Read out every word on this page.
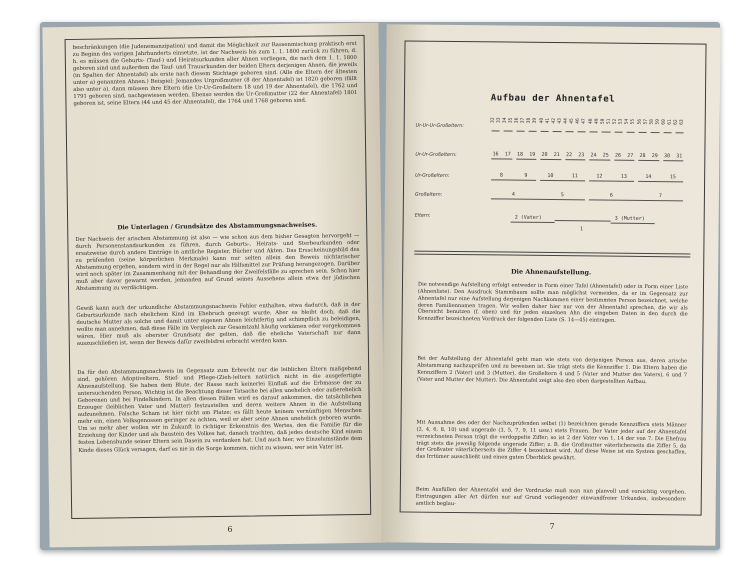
beschränkungen (die Judenemanzipation) und damit die Möglichkeit zur Rassenmischung praktisch erst zu Beginn des vorigen Jahrhunderts einsetzte, ist der Nachweis bis zum 1. 1. 1800 zurück zu führen, d. h. es müssen die Geburts- (Tauf-) und Heiratsurkunden aller Ahnen vorliegen, die nach dem 1. 1. 1800 geboren sind und außerdem die Tauf- und Trauurkunden der beiden Eltern derjenigen Ahnen, die jeweils (in Spalten der Ahnentafel) als erste nach diesem Stichtage geboren sind. (Alle die Eltern der ältesten unter a) genannten Ahnen.) Beispiel: Jemandes Urgroßmutter (8 der Ahnentafel) ist 1820 geboren (fällt also unter a), dann müssen ihre Eltern (die Ur-Ur-Großeltern 18 und 19 der Ahnentafel), die 1762 und 1791 geboren sind, nachgewiesen werden. Ebenso werden die Ur-Großmutter (22 der Ahnentafel) 1801 geboren ist, seine Eltern (44 und 45 der Ahnentafel), die 1764 und 1768 geboren sind.
Die Unterlagen / Grundsätze des Abstammungsnachweises.
Der Nachweis der arischen Abstammung ist also — wie schon aus dem bisher Gesagten hervorgeht — durch Personenstandsurkunden zu führen, durch Geburts-, Heirats- und Sterbeurkunden oder ersatzweise durch andere Einträge in amtliche Register, Bücher und Akten. Das Ersscheinungsbild des zu prüfenden (seine körperlichen Merkmale) kann nur selten allein den Beweis nichtarischer Abstammung ergeben, sondern wird in der Regel nur als Hilfsmittel zur Prüfung herangezogen. Darüber wird noch später im Zusammenhang mit der Behandlung der Zweifelsfälle zu sprechen sein. Schon hier muß aber davor gewarnt werden, jemanden auf Grund seines Aussehens allein etwa der jüdischen Abstammung zu verdächtigen.
Gewiß kann auch der urkundliche Abstammungsnachweis Fehler enthalten, etwa dadurch, daß in der Geburtsurkunde nach ehelichem Kind im Ehebruch gezeugt wurde. Aber es bleibt doch, daß die deutsche Mutter als solche und damit unter eigenen Ahnen leichtfertig und schimpflich zu beleidigen, wollte man annehmen, daß diese Fälle im Vergleich zur Gesamtzahl häufig vorkämen oder vorgekommen wären. Hier muß als oberster Grundsatz der gelten, daß die eheliche Vaterschaft nur dann auszuschließen ist, wenn der Beweis dafür zweifelsfrei erbracht werden kann.
Da für den Abstammungsnachweis im Gegensatz zum Erbrecht nur die leiblichen Eltern maßgebend sind, gehören Adoptiveltern, Stief- und Pflege-(Zieh-)eltern natürlich nicht in die ausgefertigte Ahnenaufstellung. Sie haben dem Blute, der Rasse nach keinerlei Einfluß auf die Erbmasse der zu untersuchenden Person. Wichtig ist die Beachtung dieser Tatsache bei allen unehelich oder außerehelich Geborenen und bei Findelkindern. In allen diesen Fällen wird es darauf ankommen, die tatsächlichen Erzeuger (leiblichen Vater und Mutter) festzustellen und deren weitere Ahnen in die Aufstellung aufzunehmen. Falsche Scham ist hier nicht am Platze; es fällt heute keinem vernünftigen Menschen mehr ein, einen Volksgenossen geringer zu achten, weil er aber seine Ahnen unehelich geboren wurde. Um so mehr aber wollen wir in Zukunft in richtiger Erkenntnis des Wertes, den die Familie für die Erziehung der Kinder und als Baustein des Volkes hat, danach trachten, daß jedes deutsche Kind einem festen Lebensbunde seiner Eltern sein Dasein zu verdanken hat. Und auch hier, wo Einzelumstände dem Kinde dieses Glück versagen, darf es nie in die Sorge kommen, nicht zu wissen, wer sein Vater ist.
6
Aufbau der Ahnentafel
Ur-Ur-Ur-Großeltern:
32 33 34 35 36 37 38 39 40 41 42 43 44 45 46 47 48 49 50 51 52 53 54 55 56 57 58 59 60 61 62 63
Ur-Ur-Großeltern:	16	17	18	19	20	21	22	23	24	25	26	27	28	29	30	31
Ur-Großeltern:	8	9	10	11	12	13	14	15
Großeltern:	4	5	6	7
Eltern:	2 (Vater)	3 (Mutter)
1
Die Ahnenaufstellung.
Die notwendige Aufstellung erfolgt entweder in Form einer Tafel (Ahnentafel) oder in Form einer Liste (Ahnenliste). Den Ausdruck Stammbaum sollte man möglichst vermeiden, da er im Gegensatz zur Ahnentafel nur eine Aufstellung derjenigen Nachkommen einer bestimmten Person bezeichnet, welche deren Familiennamen tragen. Wir wollen daher hier nur von der Ahnentafel sprechen, die wir als Übersicht benutzen (f. oben) und für jeden einzelnen Ahn die eingeben Daten in den durch die Kennziffer bezeichneten Vordruck der folgenden Liste (S. 14—45) eintragen.
Bei der Aufstellung der Ahnentafel geht man wie stets von derjenigen Person aus, deren arische Abstammung nachzuprüfen und zu beweisen ist. Sie trägt stets die Kennziffer 1. Die Eltern haben die Kennziffern 2 (Vater) und 3 (Mutter), die Großeltern 4 und 5 (Vater und Mutter des Vaters), 6 und 7 (Vater und Mutter der Mutter). Die Ahnentafel zeigt also den oben dargestellten Aufbau.
Mit Ausnahme des oder der Nachzuprüfenden selbst (1) bezeichnen gerade Kennziffern stets Männer (2, 4, 6, 8, 10) und ungerade (3, 5, 7, 9, 11 usw.) stets Frauen. Der Vater jeder auf der Ahnentafel verzeichneten Person trägt die verdoppelte Ziffer; so ist 2 der Vater von 1, 14 der von 7. Die Ehefrau trägt stets die jeweilig folgende ungerade Ziffer; z. B. die Großmutter väterlicherseits die Ziffer 5, da der Großvater väterlicherseits die Ziffer 4 bezeichnet wird. Auf diese Weise ist ein System geschaffen, das Irrtümer ausschließt und einen guten Überblick gewährt.
Beim Ausfüllen der Ahnentafel und der Vordrucke muß man nun planvoll und vorsichtig vorgehen. Eintragungen aller Art dürfen nur auf Grund vorliegender einwandfreier Urkunden, insbesondere amtlich beglau-
7
